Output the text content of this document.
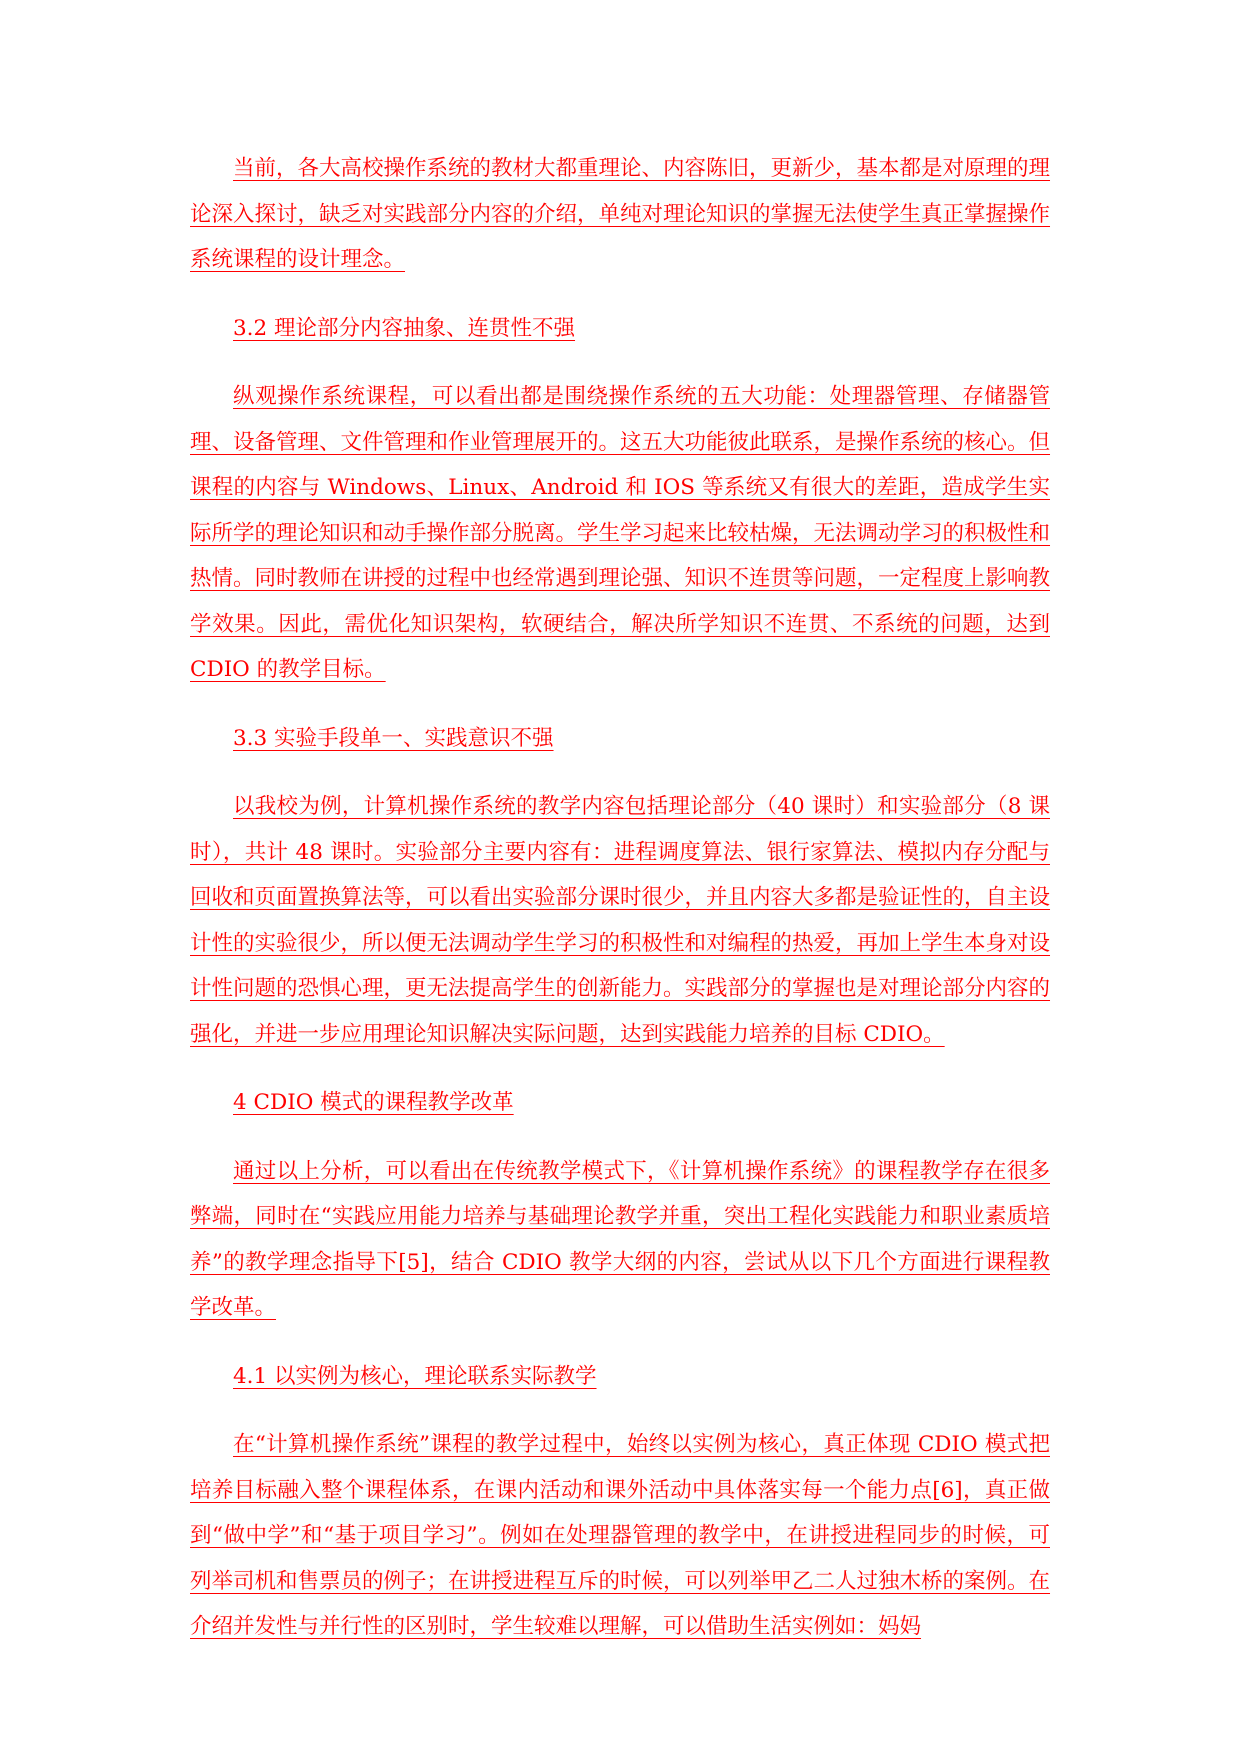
当前，各大高校操作系统的教材大都重理论、内容陈旧，更新少，基本都是对原理的理论深入探讨，缺乏对实践部分内容的介绍，单纯对理论知识的掌握无法使学生真正掌握操作系统课程的设计理念。

3.2 理论部分内容抽象、连贯性不强

纵观操作系统课程，可以看出都是围绕操作系统的五大功能：处理器管理、存储器管理、设备管理、文件管理和作业管理展开的。这五大功能彼此联系，是操作系统的核心。但课程的内容与 Windows、Linux、Android 和 IOS 等系统又有很大的差距，造成学生实际所学的理论知识和动手操作部分脱离。学生学习起来比较枯燥，无法调动学习的积极性和热情。同时教师在讲授的过程中也经常遇到理论强、知识不连贯等问题，一定程度上影响教学效果。因此，需优化知识架构，软硬结合，解决所学知识不连贯、不系统的问题，达到 CDIO 的教学目标。

3.3 实验手段单一、实践意识不强

以我校为例，计算机操作系统的教学内容包括理论部分（40 课时）和实验部分（8 课时），共计 48 课时。实验部分主要内容有：进程调度算法、银行家算法、模拟内存分配与回收和页面置换算法等，可以看出实验部分课时很少，并且内容大多都是验证性的，自主设计性的实验很少，所以便无法调动学生学习的积极性和对编程的热爱，再加上学生本身对设计性问题的恐惧心理，更无法提高学生的创新能力。实践部分的掌握也是对理论部分内容的强化，并进一步应用理论知识解决实际问题，达到实践能力培养的目标 CDIO。

4 CDIO 模式的课程教学改革

通过以上分析，可以看出在传统教学模式下，《计算机操作系统》的课程教学存在很多弊端，同时在“实践应用能力培养与基础理论教学并重，突出工程化实践能力和职业素质培养”的教学理念指导下[5]，结合 CDIO 教学大纲的内容，尝试从以下几个方面进行课程教学改革。

4.1 以实例为核心，理论联系实际教学

在“计算机操作系统”课程的教学过程中，始终以实例为核心，真正体现 CDIO 模式把培养目标融入整个课程体系，在课内活动和课外活动中具体落实每一个能力点[6]，真正做到“做中学”和“基于项目学习”。例如在处理器管理的教学中，在讲授进程同步的时候，可列举司机和售票员的例子；在讲授进程互斥的时候，可以列举甲乙二人过独木桥的案例。在介绍并发性与并行性的区别时，学生较难以理解，可以借助生活实例如：妈妈
